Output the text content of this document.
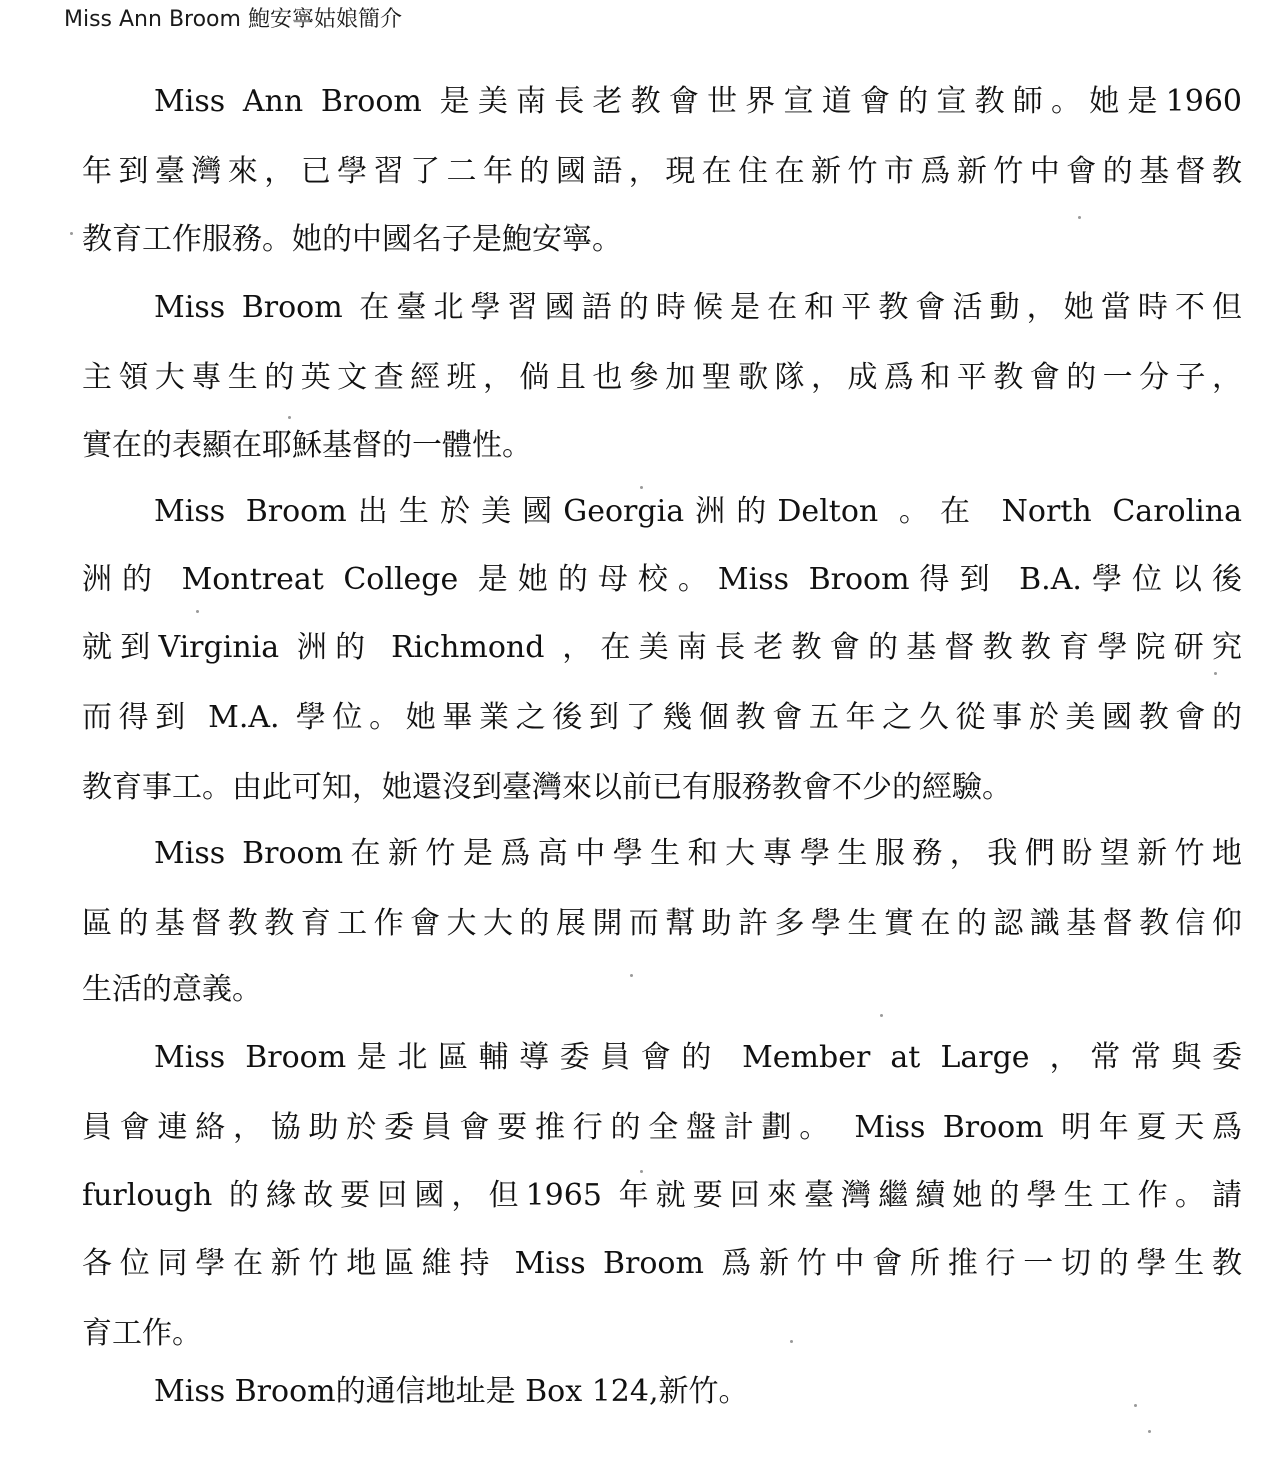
Miss Ann Broom 鮑安寧姑娘簡介
Miss Ann Broom 是美南長老教會世界宣道會的宣教師。她是1960
年到臺灣來，已學習了二年的國語，現在住在新竹市爲新竹中會的基督教
教育工作服務。她的中國名子是鮑安寧。
Miss Broom 在臺北學習國語的時候是在和平教會活動，她當時不但
主領大專生的英文查經班，倘且也參加聖歌隊，成爲和平教會的一分子，
實在的表顯在耶穌基督的一體性。
Miss Broom出生於美國Georgia洲的Delton 。在 North Carolina
洲的 Montreat College 是她的母校。Miss Broom得到 B.A.學位以後
就到Virginia 洲的 Richmond ，在美南長老教會的基督教教育學院研究
而得到 M.A. 學位。她畢業之後到了幾個教會五年之久從事於美國教會的
教育事工。由此可知，她還沒到臺灣來以前已有服務教會不少的經驗。
Miss Broom在新竹是爲高中學生和大專學生服務，我們盼望新竹地
區的基督教教育工作會大大的展開而幫助許多學生實在的認識基督教信仰
生活的意義。
Miss Broom是北區輔導委員會的 Member at Large ，常常與委
員會連絡，協助於委員會要推行的全盤計劃。 Miss Broom 明年夏天爲
furlough 的緣故要回國，但1965 年就要回來臺灣繼續她的學生工作。請
各位同學在新竹地區維持 Miss Broom 爲新竹中會所推行一切的學生教
育工作。
Miss Broom的通信地址是 Box 124,新竹。
